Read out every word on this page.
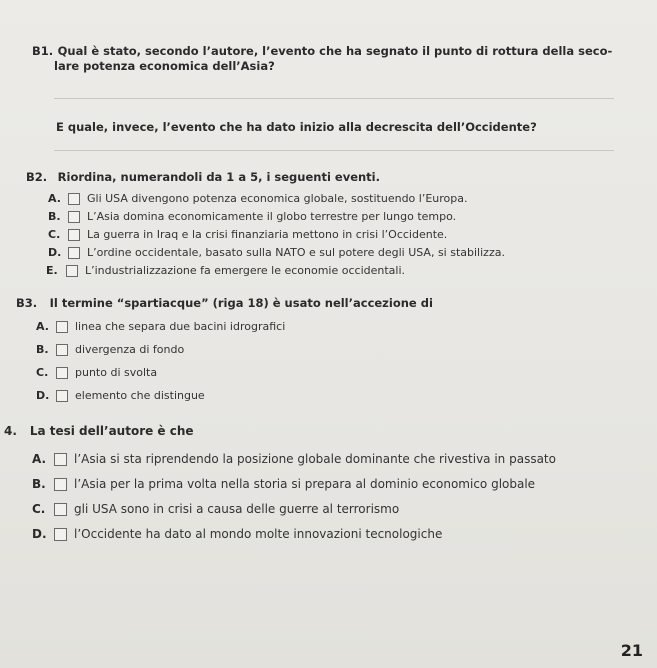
B1. Qual è stato, secondo l’autore, l’evento che ha segnato il punto di rottura della seco-
lare potenza economica dell’Asia?
E quale, invece, l’evento che ha dato inizio alla decrescita dell’Occidente?
B2. Riordina, numerandoli da 1 a 5, i seguenti eventi.
A.	Gli USA divengono potenza economica globale, sostituendo l’Europa.
B.	L’Asia domina economicamente il globo terrestre per lungo tempo.
C.	La guerra in Iraq e la crisi finanziaria mettono in crisi l’Occidente.
D.	L’ordine occidentale, basato sulla NATO e sul potere degli USA, si stabilizza.
E.	L’industrializzazione fa emergere le economie occidentali.
B3. Il termine “spartiacque” (riga 18) è usato nell’accezione di
A.	linea che separa due bacini idrografici
B.	divergenza di fondo
C.	punto di svolta
D.	elemento che distingue
4. La tesi dell’autore è che
A.	l’Asia si sta riprendendo la posizione globale dominante che rivestiva in passato
B.	l’Asia per la prima volta nella storia si prepara al dominio economico globale
C.	gli USA sono in crisi a causa delle guerre al terrorismo
D.	l’Occidente ha dato al mondo molte innovazioni tecnologiche
21
